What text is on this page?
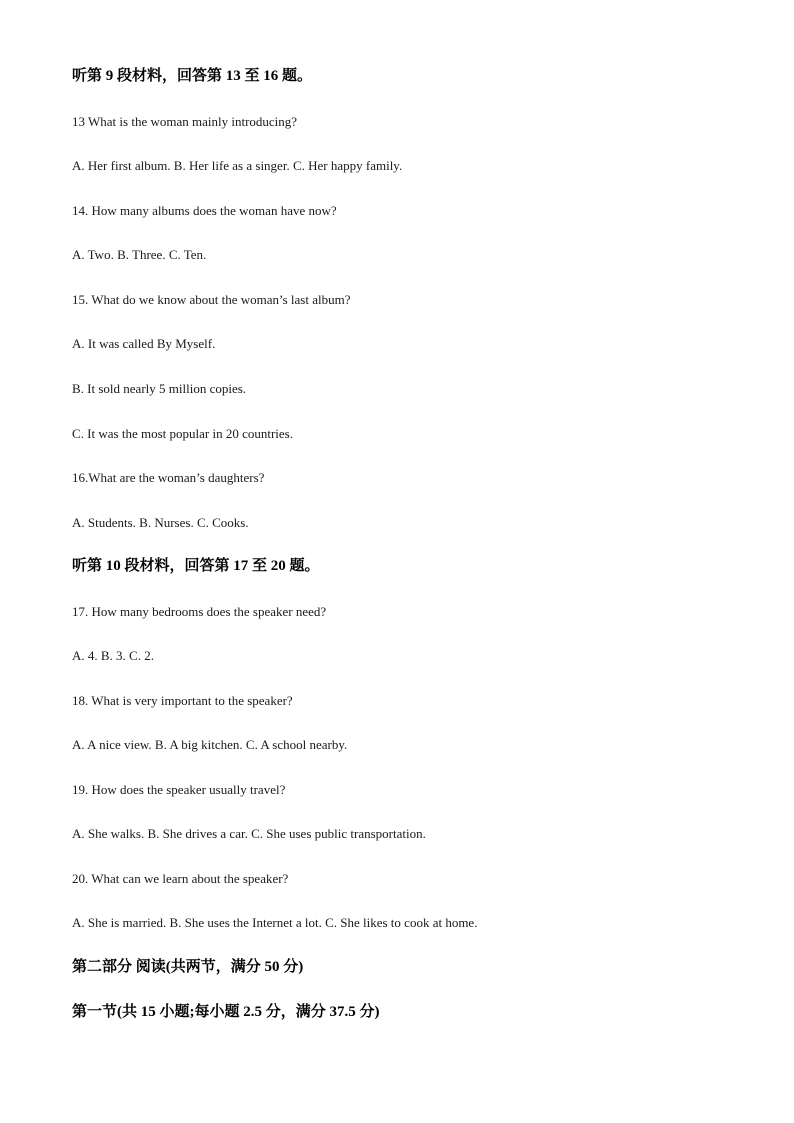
听第 9 段材料，回答第 13 至 16 题。
13 What is the woman mainly introducing?
A. Her first album. B. Her life as a singer. C. Her happy family.
14. How many albums does the woman have now?
A. Two. B. Three. C. Ten.
15. What do we know about the woman’s last album?
A. It was called By Myself.
B. It sold nearly 5 million copies.
C. It was the most popular in 20 countries.
16.What are the woman’s daughters?
A. Students. B. Nurses. C. Cooks.
听第 10 段材料，回答第 17 至 20 题。
17. How many bedrooms does the speaker need?
A. 4. B. 3. C. 2.
18. What is very important to the speaker?
A. A nice view. B. A big kitchen. C. A school nearby.
19. How does the speaker usually travel?
A. She walks. B. She drives a car. C. She uses public transportation.
20. What can we learn about the speaker?
A. She is married. B. She uses the Internet a lot. C. She likes to cook at home.
第二部分 阅读(共两节，满分 50 分)
第一节(共 15 小题;每小题 2.5 分，满分 37.5 分)
